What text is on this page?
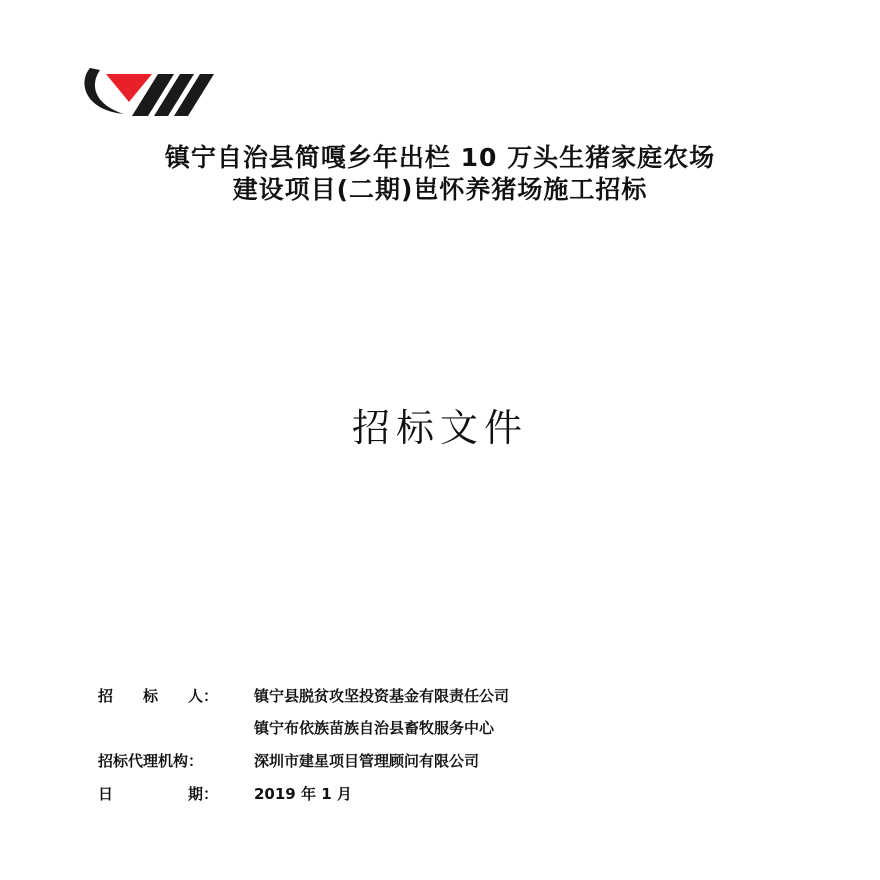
镇宁自治县简嘎乡年出栏 10 万头生猪家庭农场
建设项目(二期)岜怀养猪场施工招标
招标文件
招　　标　　人： 镇宁县脱贫攻坚投资基金有限责任公司
镇宁布依族苗族自治县畜牧服务中心
招标代理机构：	深圳市建星项目管理顾问有限公司
日　　　　　期： 2019 年 1 月
